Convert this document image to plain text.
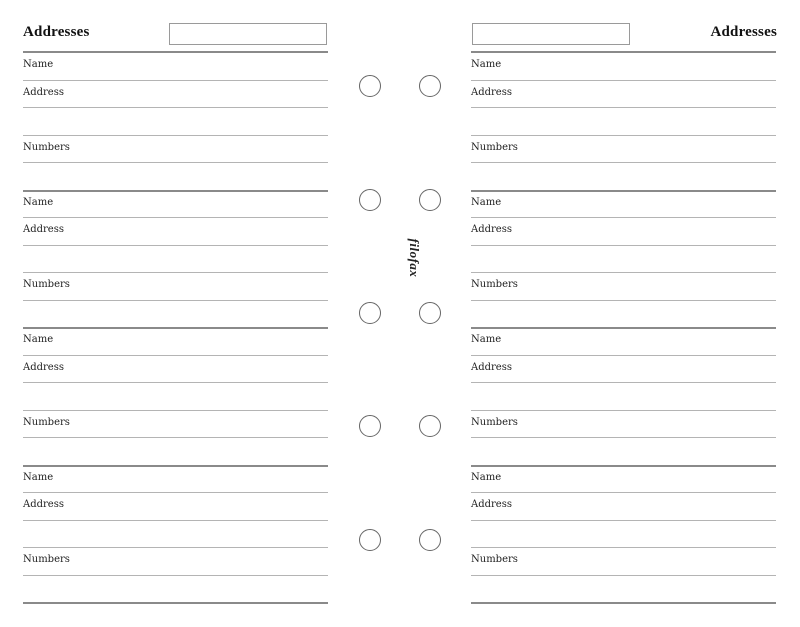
Addresses
Name
Address
Numbers
Name
Address
Numbers
Name
Address
Numbers
Name
Address
Numbers
Addresses
Name
Address
Numbers
Name
Address
Numbers
Name
Address
Numbers
Name
Address
Numbers
filofax
